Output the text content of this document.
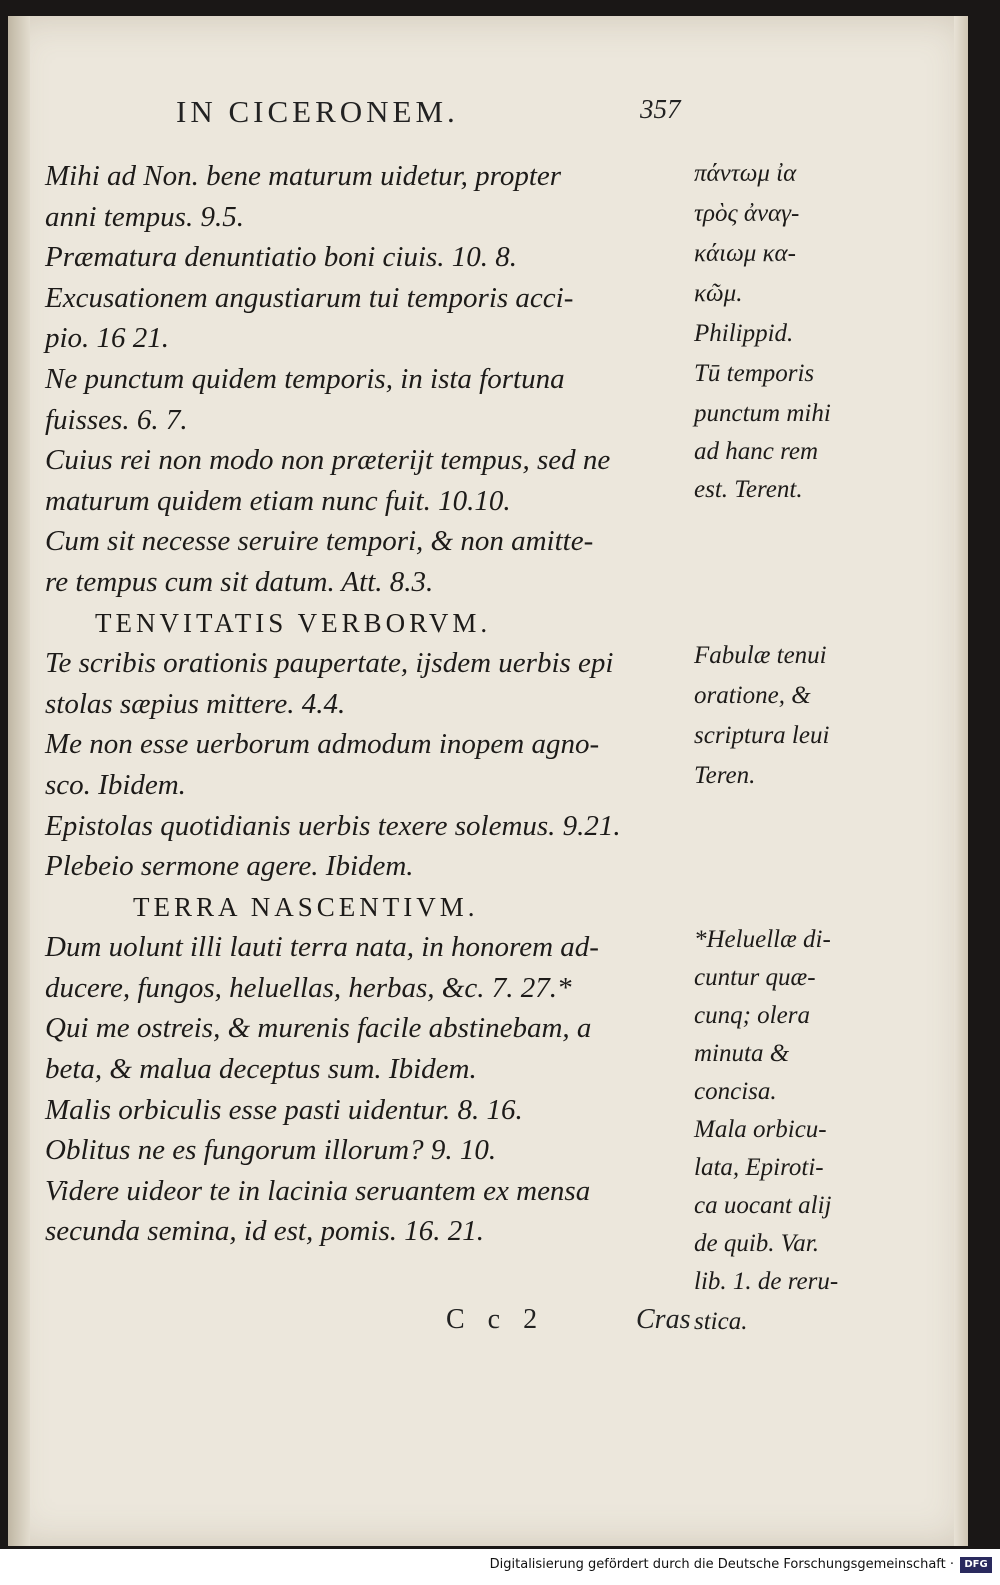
IN CICERONEM.	357
Mihi ad Non. bene maturum uidetur, propter
anni tempus. 9.5.
Præmatura denuntiatio boni ciuis. 10. 8.
Excusationem angustiarum tui temporis acci-
pio. 16 21.
Ne punctum quidem temporis, in ista fortuna
fuisses. 6. 7.
Cuius rei non modo non præterijt tempus, sed ne
maturum quidem etiam nunc fuit. 10.10.
Cum sit necesse seruire tempori, & non amitte-
re tempus cum sit datum. Att. 8.3.
TENVITATIS VERBORVM.
Te scribis orationis paupertate, ijsdem uerbis epi
stolas sæpius mittere. 4.4.
Me non esse uerborum admodum inopem agno-
sco. Ibidem.
Epistolas quotidianis uerbis texere solemus. 9.21.
Plebeio sermone agere. Ibidem.
TERRA NASCENTIVM.
Dum uolunt illi lauti terra nata, in honorem ad-
ducere, fungos, heluellas, herbas, &c. 7. 27.*
Qui me ostreis, & murenis facile abstinebam, a
beta, & malua deceptus sum. Ibidem.
Malis orbiculis esse pasti uidentur. 8. 16.
Oblitus ne es fungorum illorum? 9. 10.
Videre uideor te in lacinia seruantem ex mensa
secunda semina, id est, pomis. 16. 21.
πάντωμ ἰα
τρὸς ἀναγ-
κάιωμ κα-
κῶμ.
Philippid.
Tū temporis
punctum mihi
ad hanc rem
est. Terent.
Fabulæ tenui
oratione, &
scriptura leui
Teren.
*Heluellæ di-
cuntur quæ-
cunq; olera
minuta &
concisa.
Mala orbicu-
lata, Epiroti-
ca uocant alij
de quib. Var.
lib. 1. de reru-
stica.
C c 2	Cras
Digitalisierung gefördert durch die Deutsche Forschungsgemeinschaft ·	DFG
